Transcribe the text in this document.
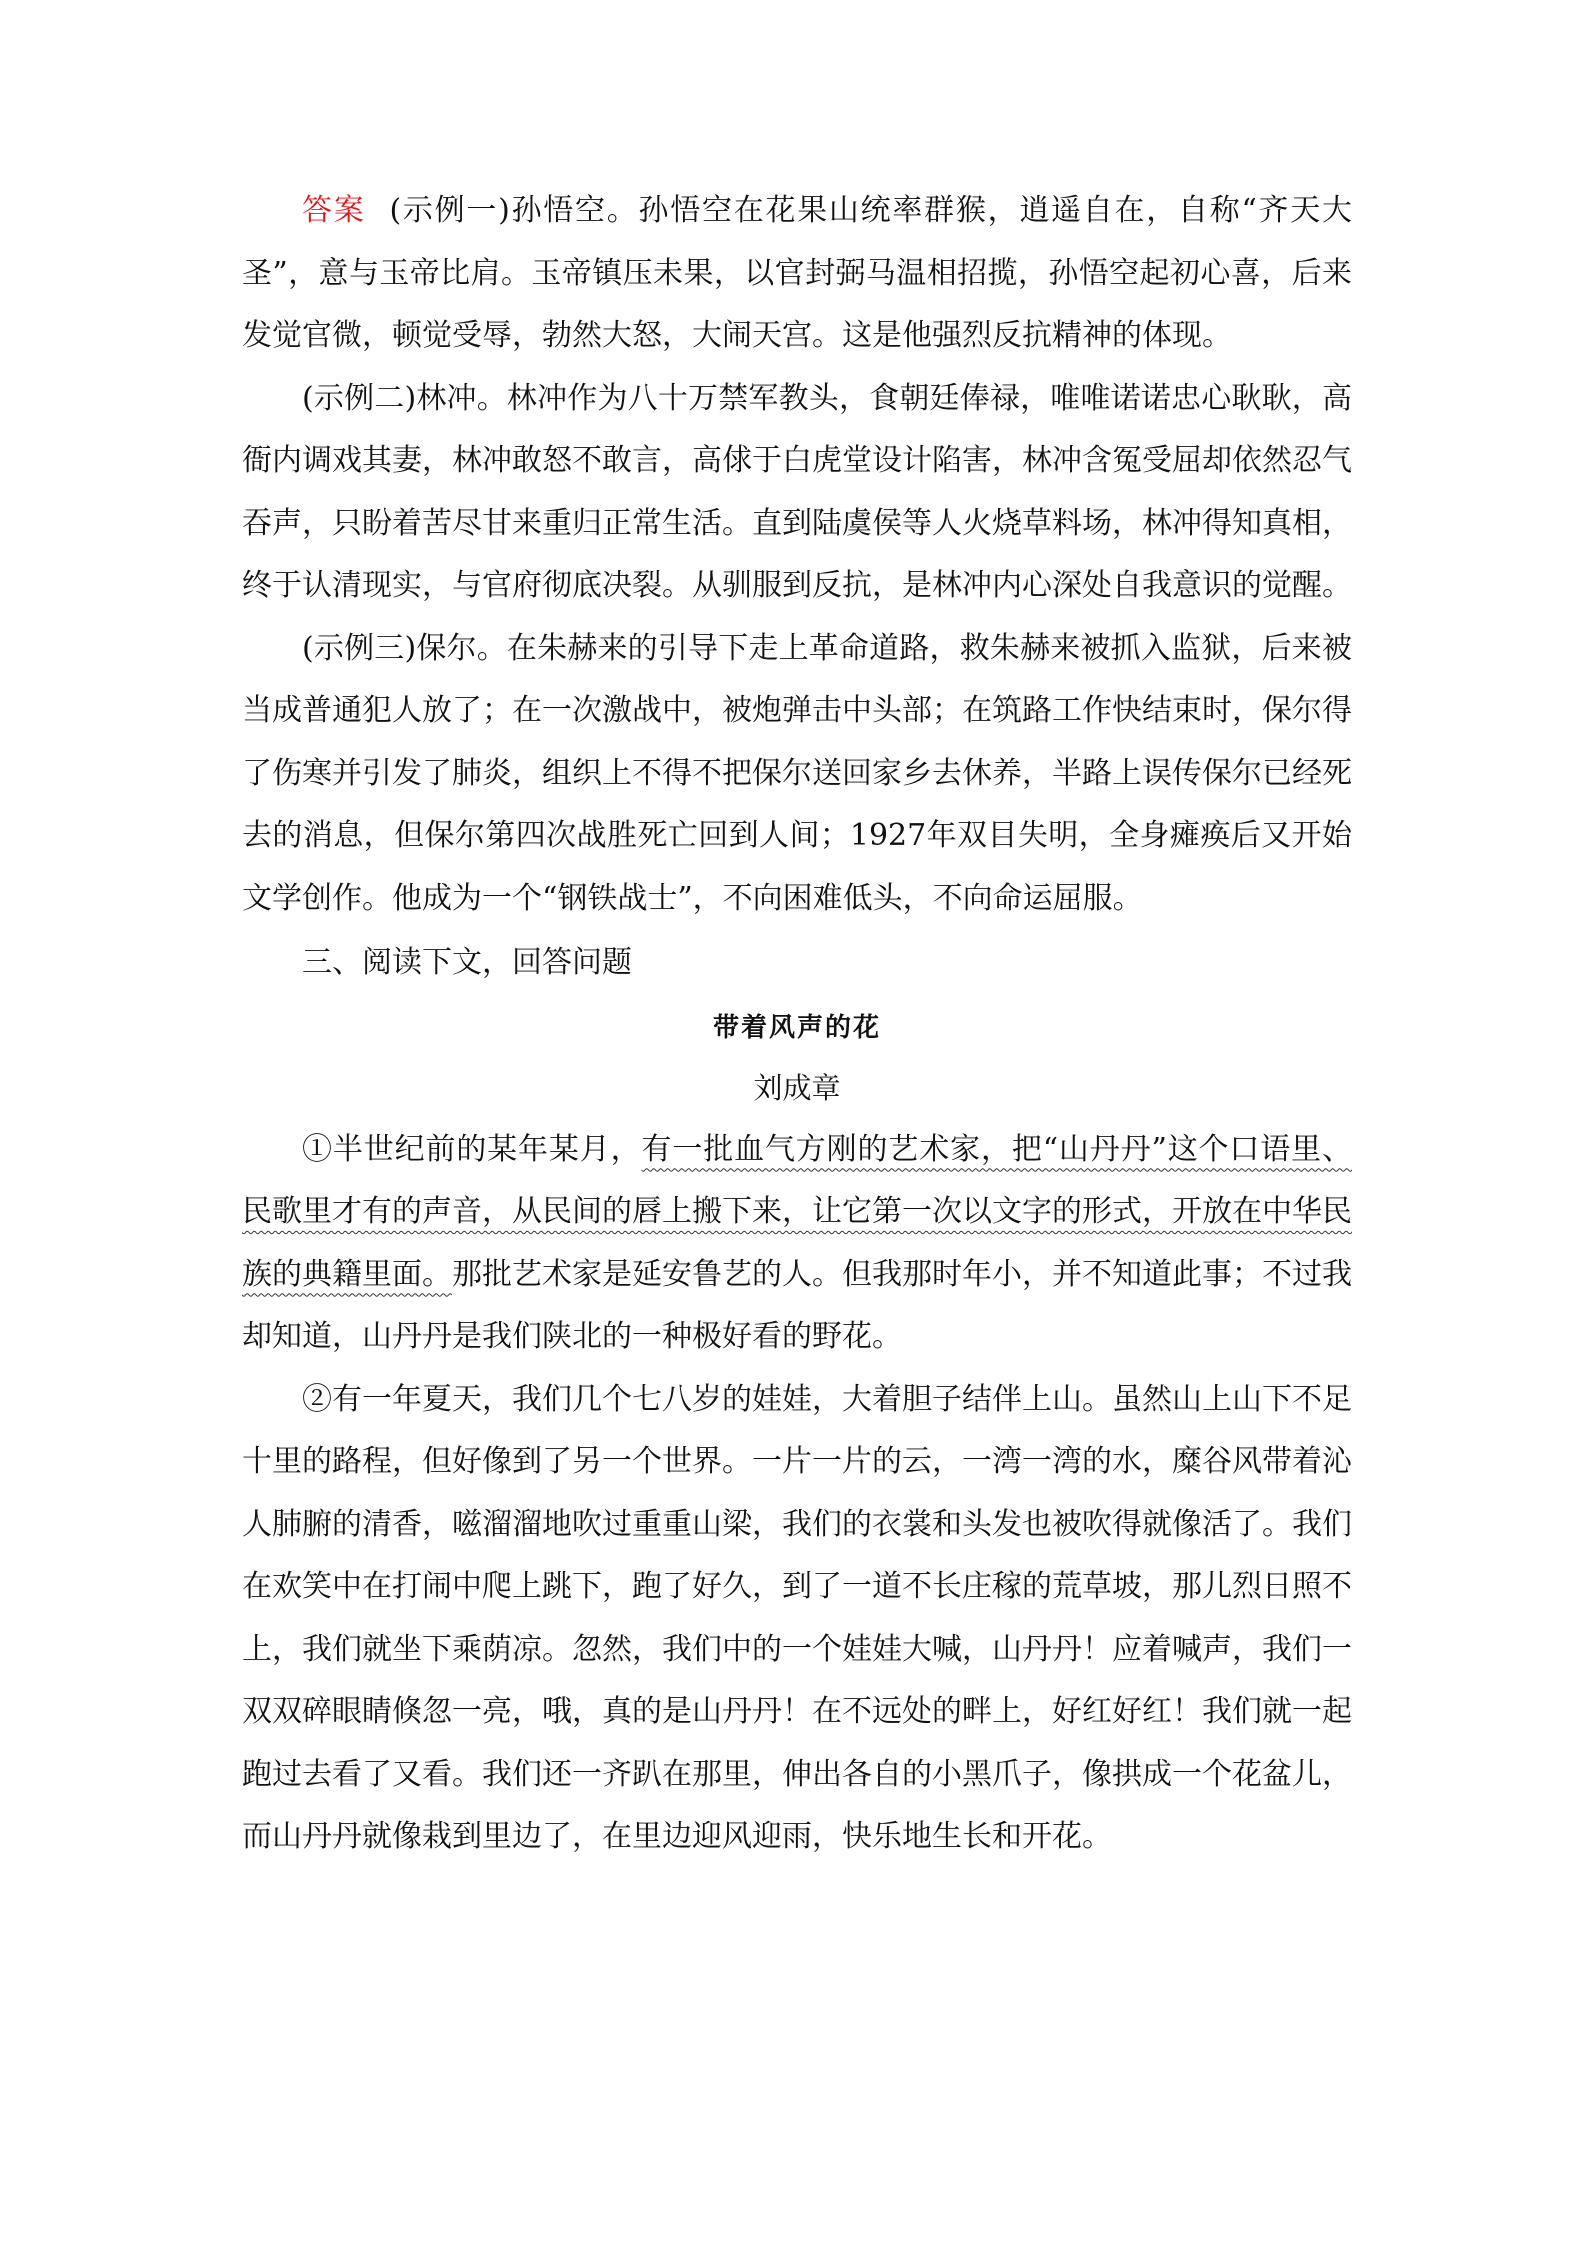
答案 (示例一)孙悟空。孙悟空在花果山统率群猴，逍遥自在，自称“齐天大圣”，意与玉帝比肩。玉帝镇压未果，以官封弼马温相招揽，孙悟空起初心喜，后来发觉官微，顿觉受辱，勃然大怒，大闹天宫。这是他强烈反抗精神的体现。

(示例二)林冲。林冲作为八十万禁军教头，食朝廷俸禄，唯唯诺诺忠心耿耿，高衙内调戏其妻，林冲敢怒不敢言，高俅于白虎堂设计陷害，林冲含冤受屈却依然忍气吞声，只盼着苦尽甘来重归正常生活。直到陆虞侯等人火烧草料场，林冲得知真相，终于认清现实，与官府彻底决裂。从驯服到反抗，是林冲内心深处自我意识的觉醒。

(示例三)保尔。在朱赫来的引导下走上革命道路，救朱赫来被抓入监狱，后来被当成普通犯人放了；在一次激战中，被炮弹击中头部；在筑路工作快结束时，保尔得了伤寒并引发了肺炎，组织上不得不把保尔送回家乡去休养，半路上误传保尔已经死去的消息，但保尔第四次战胜死亡回到人间；1927年双目失明，全身瘫痪后又开始文学创作。他成为一个“钢铁战士”，不向困难低头，不向命运屈服。

三、阅读下文，回答问题

带着风声的花

刘成章

①半世纪前的某年某月，有一批血气方刚的艺术家，把“山丹丹”这个口语里、民歌里才有的声音，从民间的唇上搬下来，让它第一次以文字的形式，开放在中华民族的典籍里面。那批艺术家是延安鲁艺的人。但我那时年小，并不知道此事；不过我却知道，山丹丹是我们陕北的一种极好看的野花。

②有一年夏天，我们几个七八岁的娃娃，大着胆子结伴上山。虽然山上山下不足十里的路程，但好像到了另一个世界。一片一片的云，一湾一湾的水，糜谷风带着沁人肺腑的清香，嗞溜溜地吹过重重山梁，我们的衣裳和头发也被吹得就像活了。我们在欢笑中在打闹中爬上跳下，跑了好久，到了一道不长庄稼的荒草坡，那儿烈日照不上，我们就坐下乘荫凉。忽然，我们中的一个娃娃大喊，山丹丹！应着喊声，我们一双双碎眼睛倏忽一亮，哦，真的是山丹丹！在不远处的畔上，好红好红！我们就一起跑过去看了又看。我们还一齐趴在那里，伸出各自的小黑爪子，像拱成一个花盆儿，而山丹丹就像栽到里边了，在里边迎风迎雨，快乐地生长和开花。
